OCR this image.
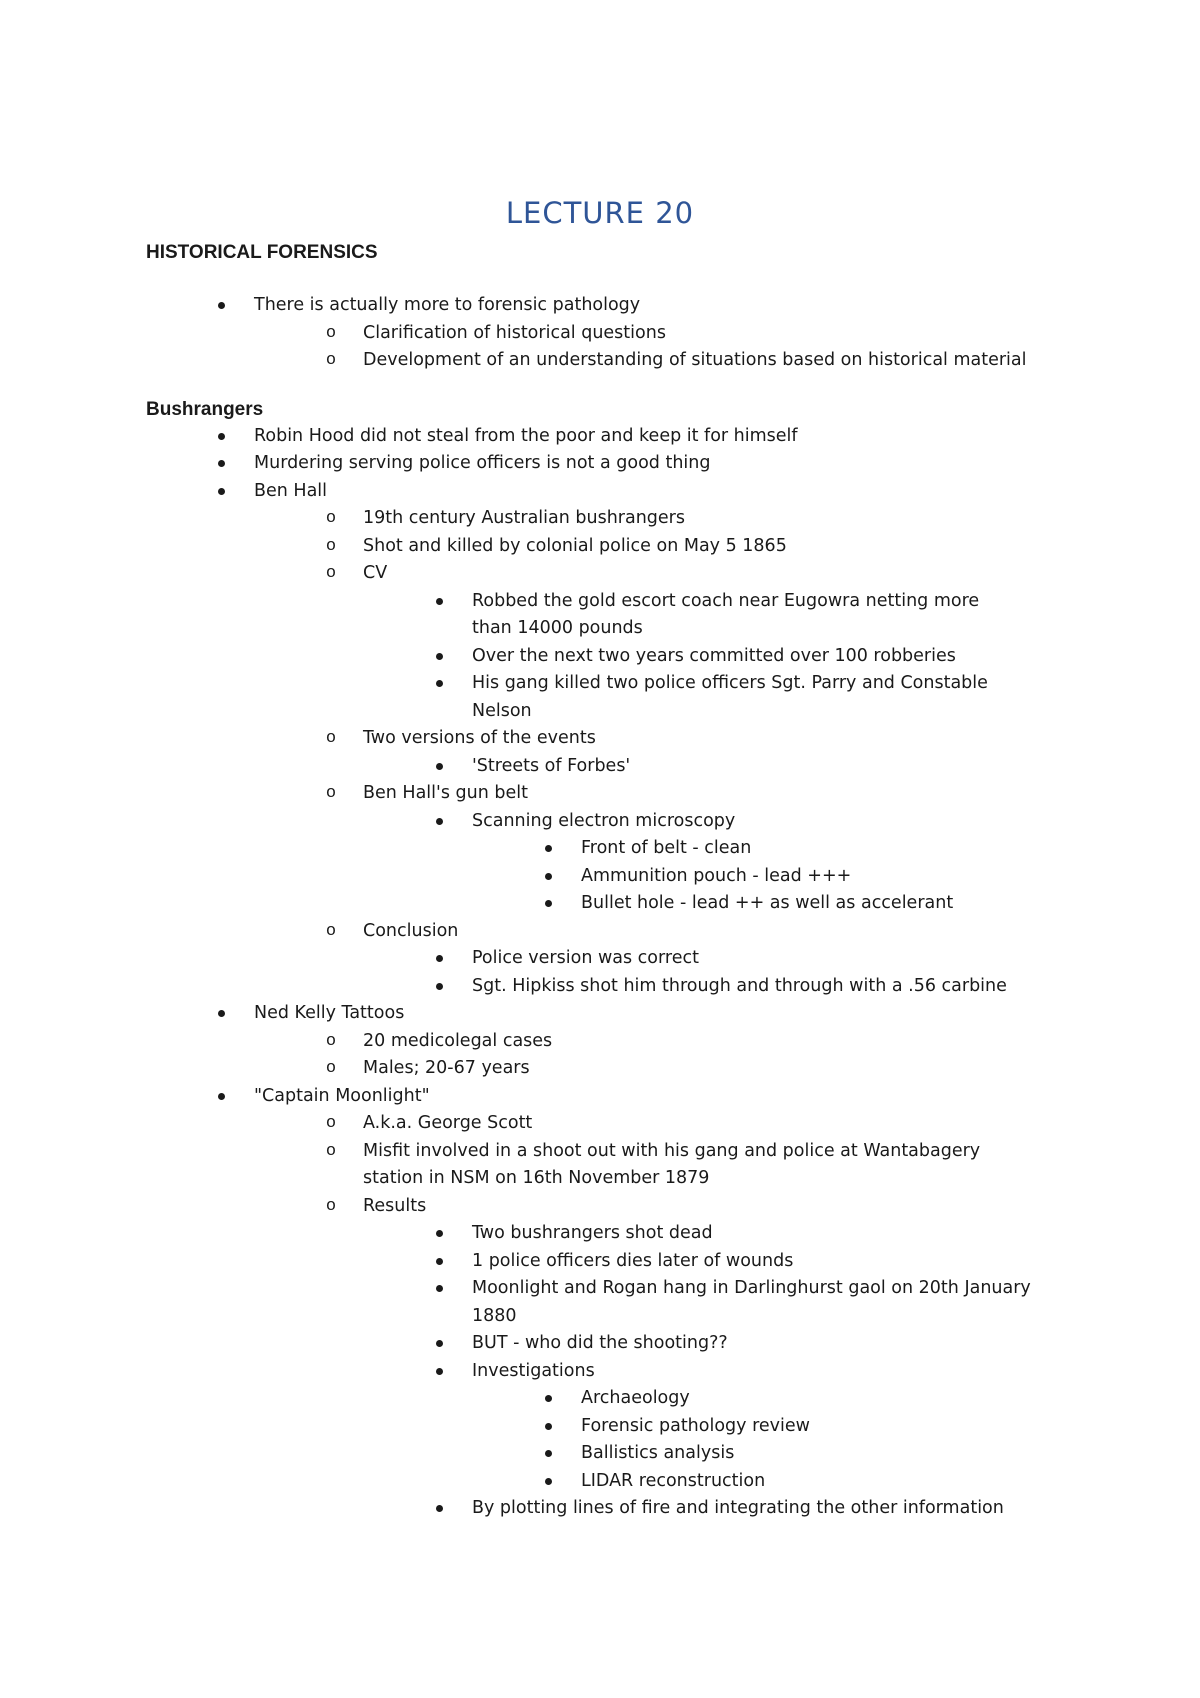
LECTURE 20
HISTORICAL FORENSICS
There is actually more to forensic pathology
o Clarification of historical questions
o Development of an understanding of situations based on historical material
Bushrangers
Robin Hood did not steal from the poor and keep it for himself
Murdering serving police officers is not a good thing
Ben Hall
o 19th century Australian bushrangers
o Shot and killed by colonial police on May 5 1865
o CV
Robbed the gold escort coach near Eugowra netting more than 14000 pounds
Over the next two years committed over 100 robberies
His gang killed two police officers Sgt. Parry and Constable Nelson
o Two versions of the events
'Streets of Forbes'
o Ben Hall's gun belt
Scanning electron microscopy
Front of belt - clean
Ammunition pouch - lead +++
Bullet hole - lead ++ as well as accelerant
o Conclusion
Police version was correct
Sgt. Hipkiss shot him through and through with a .56 carbine
Ned Kelly Tattoos
o 20 medicolegal cases
o Males; 20-67 years
"Captain Moonlight"
o A.k.a. George Scott
o Misfit involved in a shoot out with his gang and police at Wantabagery station in NSM on 16th November 1879
o Results
Two bushrangers shot dead
1 police officers dies later of wounds
Moonlight and Rogan hang in Darlinghurst gaol on 20th January 1880
BUT - who did the shooting??
Investigations
Archaeology
Forensic pathology review
Ballistics analysis
LIDAR reconstruction
By plotting lines of fire and integrating the other information
